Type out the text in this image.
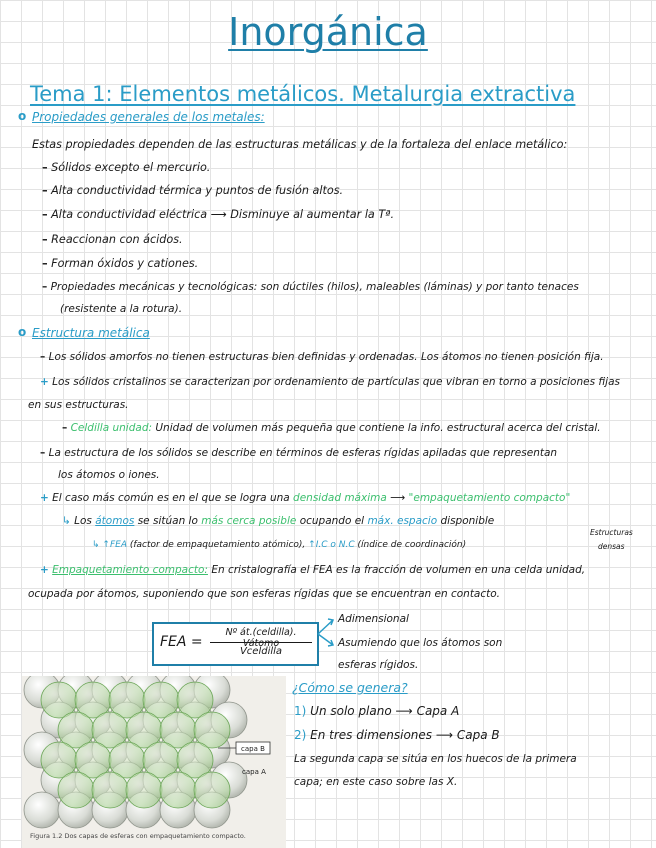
Inorgánica
Tema 1: Elementos metálicos. Metalurgia extractiva
o Propiedades generales de los metales:
Estas propiedades dependen de las estructuras metálicas y de la fortaleza del enlace metálico:
– Sólidos excepto el mercurio.
– Alta conductividad térmica y puntos de fusión altos.
– Alta conductividad eléctrica ⟶ Disminuye al aumentar la Tª.
– Reaccionan con ácidos.
– Forman óxidos y cationes.
– Propiedades mecánicas y tecnológicas: son dúctiles (hilos), maleables (láminas) y por tanto tenaces
(resistente a la rotura).
o Estructura metálica
– Los sólidos amorfos no tienen estructuras bien definidas y ordenadas. Los átomos no tienen posición fija.
+ Los sólidos cristalinos se caracterizan por ordenamiento de partículas que vibran en torno a posiciones fijas
en sus estructuras.
– Celdilla unidad: Unidad de volumen más pequeña que contiene la info. estructural acerca del cristal.
– La estructura de los sólidos se describe en términos de esferas rígidas apiladas que representan
los átomos o iones.
+ El caso más común es en el que se logra una densidad máxima ⟶ "empaquetamiento compacto"
↳ Los átomos se sitúan lo más cerca posible ocupando el máx. espacio disponible
↳ ↑FEA (factor de empaquetamiento atómico), ↑I.C o N.C (índice de coordinación)
Estructuras
densas
+ Empaquetamiento compacto: En cristalografía el FEA es la fracción de volumen en una celda unidad,
ocupada por átomos, suponiendo que son esferas rígidas que se encuentran en contacto.
FEA =
Nº át.(celdilla). Vátomo
Vceldilla
Adimensional
Asumiendo que los átomos son
esferas rígidos.
capa B
capa A
Figura 1.2 Dos capas de esferas con empaquetamiento compacto.
¿Cómo se genera?
1) Un solo plano ⟶ Capa A
2) En tres dimensiones ⟶ Capa B
La segunda capa se sitúa en los huecos de la primera
capa; en este caso sobre las X.
